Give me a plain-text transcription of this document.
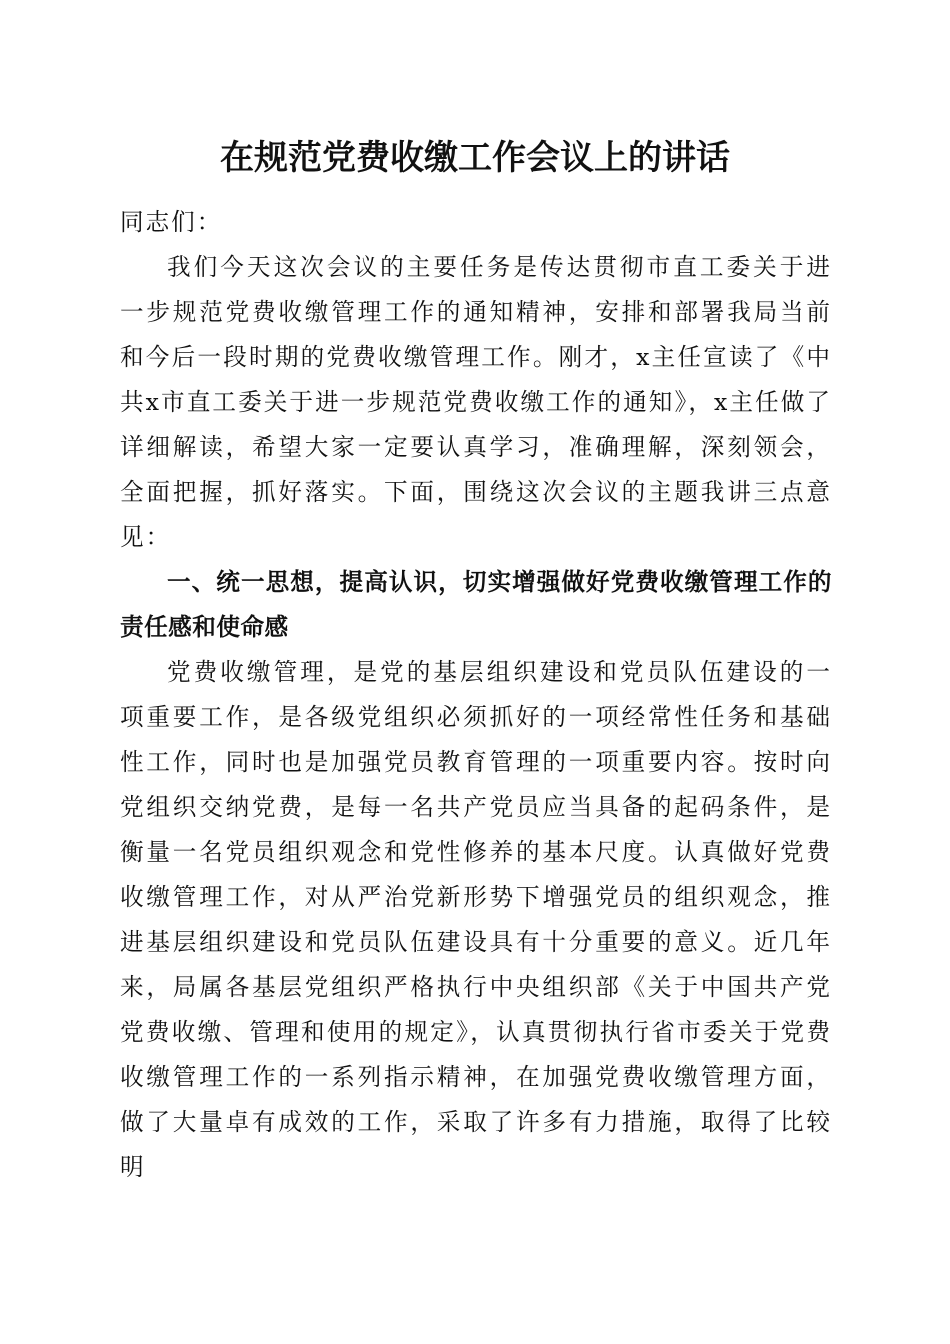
在规范党费收缴工作会议上的讲话

同志们：

我们今天这次会议的主要任务是传达贯彻市直工委关于进一步规范党费收缴管理工作的通知精神，安排和部署我局当前和今后一段时期的党费收缴管理工作。刚才，x主任宣读了《中共x市直工委关于进一步规范党费收缴工作的通知》，x主任做了详细解读，希望大家一定要认真学习，准确理解，深刻领会，全面把握，抓好落实。下面，围绕这次会议的主题我讲三点意见：

一、统一思想，提高认识，切实增强做好党费收缴管理工作的责任感和使命感

党费收缴管理，是党的基层组织建设和党员队伍建设的一项重要工作，是各级党组织必须抓好的一项经常性任务和基础性工作，同时也是加强党员教育管理的一项重要内容。按时向党组织交纳党费，是每一名共产党员应当具备的起码条件，是衡量一名党员组织观念和党性修养的基本尺度。认真做好党费收缴管理工作，对从严治党新形势下增强党员的组织观念，推进基层组织建设和党员队伍建设具有十分重要的意义。近几年来，局属各基层党组织严格执行中央组织部《关于中国共产党党费收缴、管理和使用的规定》，认真贯彻执行省市委关于党费收缴管理工作的一系列指示精神，在加强党费收缴管理方面，做了大量卓有成效的工作，采取了许多有力措施，取得了比较明
